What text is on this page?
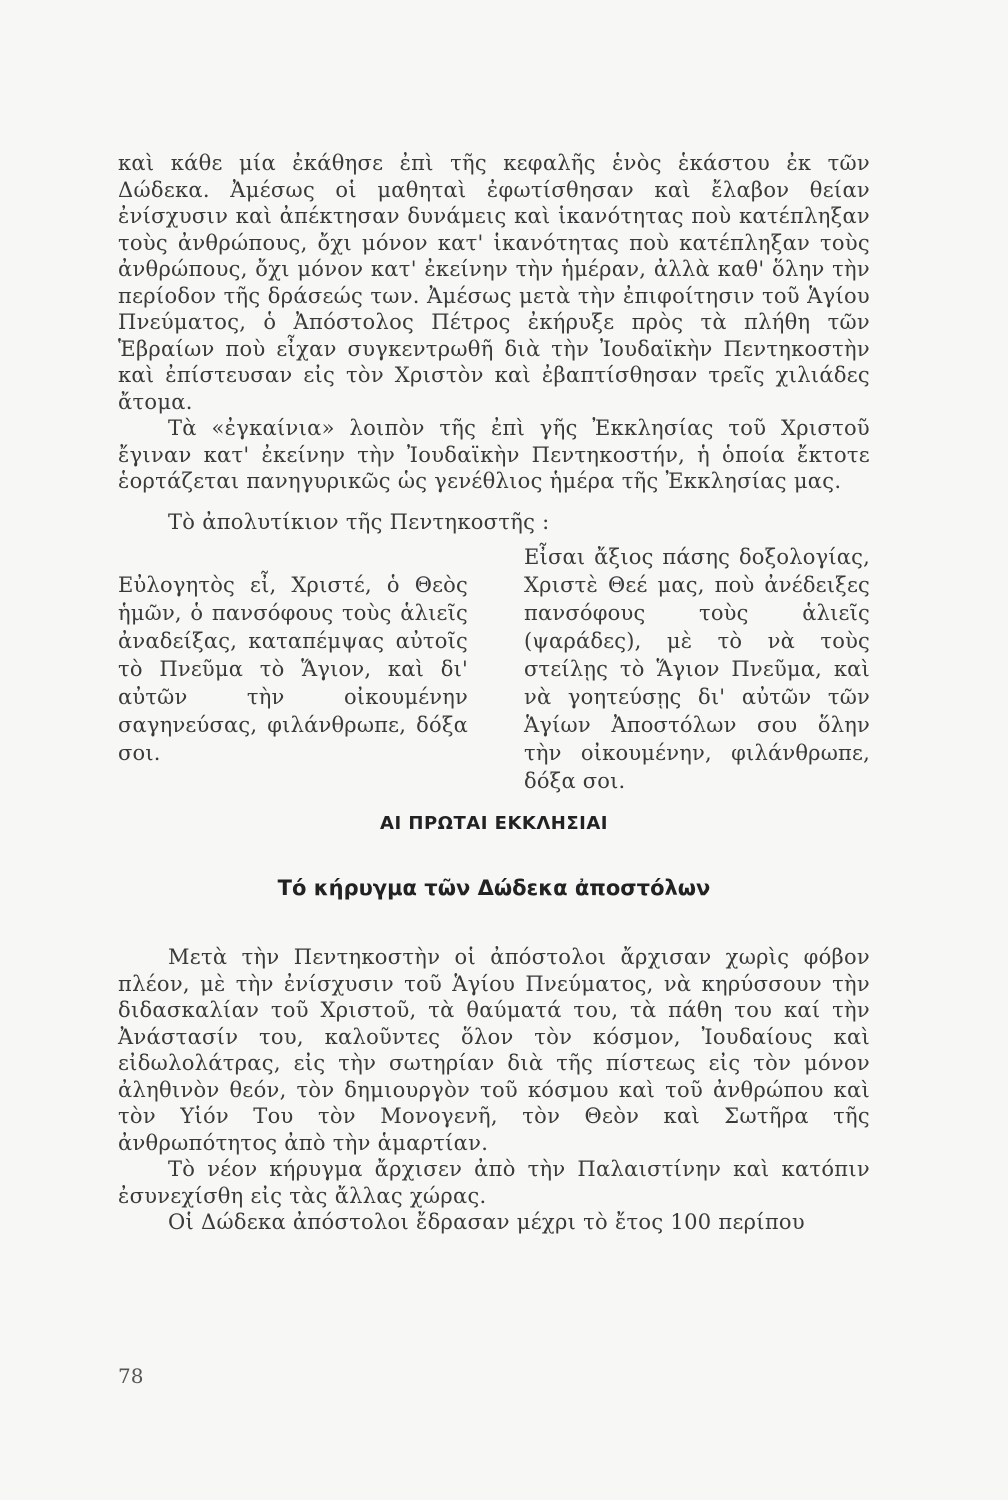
καὶ κάθε μία ἐκάθησε ἐπὶ τῆς κεφαλῆς ἑνὸς ἑκάστου ἐκ τῶν Δώδεκα. Ἀμέσως οἱ μαθηταὶ ἐφωτίσθησαν καὶ ἔλαβον θείαν ἐνίσχυσιν καὶ ἀπέκτησαν δυνάμεις καὶ ἱκανότητας ποὺ κατέπληξαν τοὺς ἀνθρώπους, ὄχι μόνον κατ' ἱκανότητας ποὺ κατέπληξαν τοὺς ἀνθρώπους, ὄχι μόνον κατ' ἐκείνην τὴν ἡμέραν, ἀλλὰ καθ' ὅλην τὴν περίοδον τῆς δράσεώς των. Ἀμέσως μετὰ τὴν ἐπιφοίτησιν τοῦ Ἁγίου Πνεύματος, ὁ Ἀπόστολος Πέτρος ἐκήρυξε πρὸς τὰ πλήθη τῶν Ἑβραίων ποὺ εἶχαν συγκεντρωθῆ διὰ τὴν Ἰουδαϊκὴν Πεντηκοστὴν καὶ ἐπίστευσαν εἰς τὸν Χριστὸν καὶ ἐβαπτίσθησαν τρεῖς χιλιάδες ἄτομα.

Τὰ «ἐγκαίνια» λοιπὸν τῆς ἐπὶ γῆς Ἐκκλησίας τοῦ Χριστοῦ ἔγιναν κατ' ἐκείνην τὴν Ἰουδαϊκὴν Πεντηκοστήν, ἡ ὁποία ἔκτοτε ἑορτάζεται πανηγυρικῶς ὡς γενέθλιος ἡμέρα τῆς Ἐκκλησίας μας.

Τὸ ἀπολυτίκιον τῆς Πεντηκοστῆς :

Εὐλογητὸς εἶ, Χριστέ, ὁ Θεὸς ἡμῶν, ὁ πανσόφους τοὺς ἁλιεῖς ἀναδείξας, καταπέμψας αὐτοῖς τὸ Πνεῦμα τὸ Ἅγιον, καὶ δι' αὐτῶν τὴν οἰκουμένην σαγηνεύσας, φιλάνθρωπε, δόξα σοι.
Εἶσαι ἄξιος πάσης δοξολογίας, Χριστὲ Θεέ μας, ποὺ ἀνέδειξες πανσόφους τοὺς ἁλιεῖς (ψαράδες), μὲ τὸ νὰ τοὺς στείλῃς τὸ Ἅγιον Πνεῦμα, καὶ νὰ γοητεύσῃς δι' αὐτῶν τῶν Ἁγίων Ἀποστόλων σου ὅλην τὴν οἰκουμένην, φιλάνθρωπε, δόξα σοι.
ΑΙ ΠΡΩΤΑΙ ΕΚΚΛΗΣΙΑΙ
Τό κήρυγμα τῶν Δώδεκα ἀποστόλων

Μετὰ τὴν Πεντηκοστὴν οἱ ἀπόστολοι ἄρχισαν χωρὶς φόβον πλέον, μὲ τὴν ἐνίσχυσιν τοῦ Ἁγίου Πνεύματος, νὰ κηρύσσουν τὴν διδασκαλίαν τοῦ Χριστοῦ, τὰ θαύματά του, τὰ πάθη του καί τὴν Ἀνάστασίν του, καλοῦντες ὅλον τὸν κόσμον, Ἰουδαίους καὶ εἰδωλολάτρας, εἰς τὴν σωτηρίαν διὰ τῆς πίστεως εἰς τὸν μόνον ἀληθινὸν θεόν, τὸν δημιουργὸν τοῦ κόσμου καὶ τοῦ ἀνθρώπου καὶ τὸν Υἱόν Του τὸν Μονογενῆ, τὸν Θεὸν καὶ Σωτῆρα τῆς ἀνθρωπότητος ἀπὸ τὴν ἁμαρτίαν.

Τὸ νέον κήρυγμα ἄρχισεν ἀπὸ τὴν Παλαιστίνην καὶ κατόπιν ἐσυνεχίσθη εἰς τὰς ἄλλας χώρας.

Οἱ Δώδεκα ἀπόστολοι ἔδρασαν μέχρι τὸ ἔτος 100 περίπου

78
